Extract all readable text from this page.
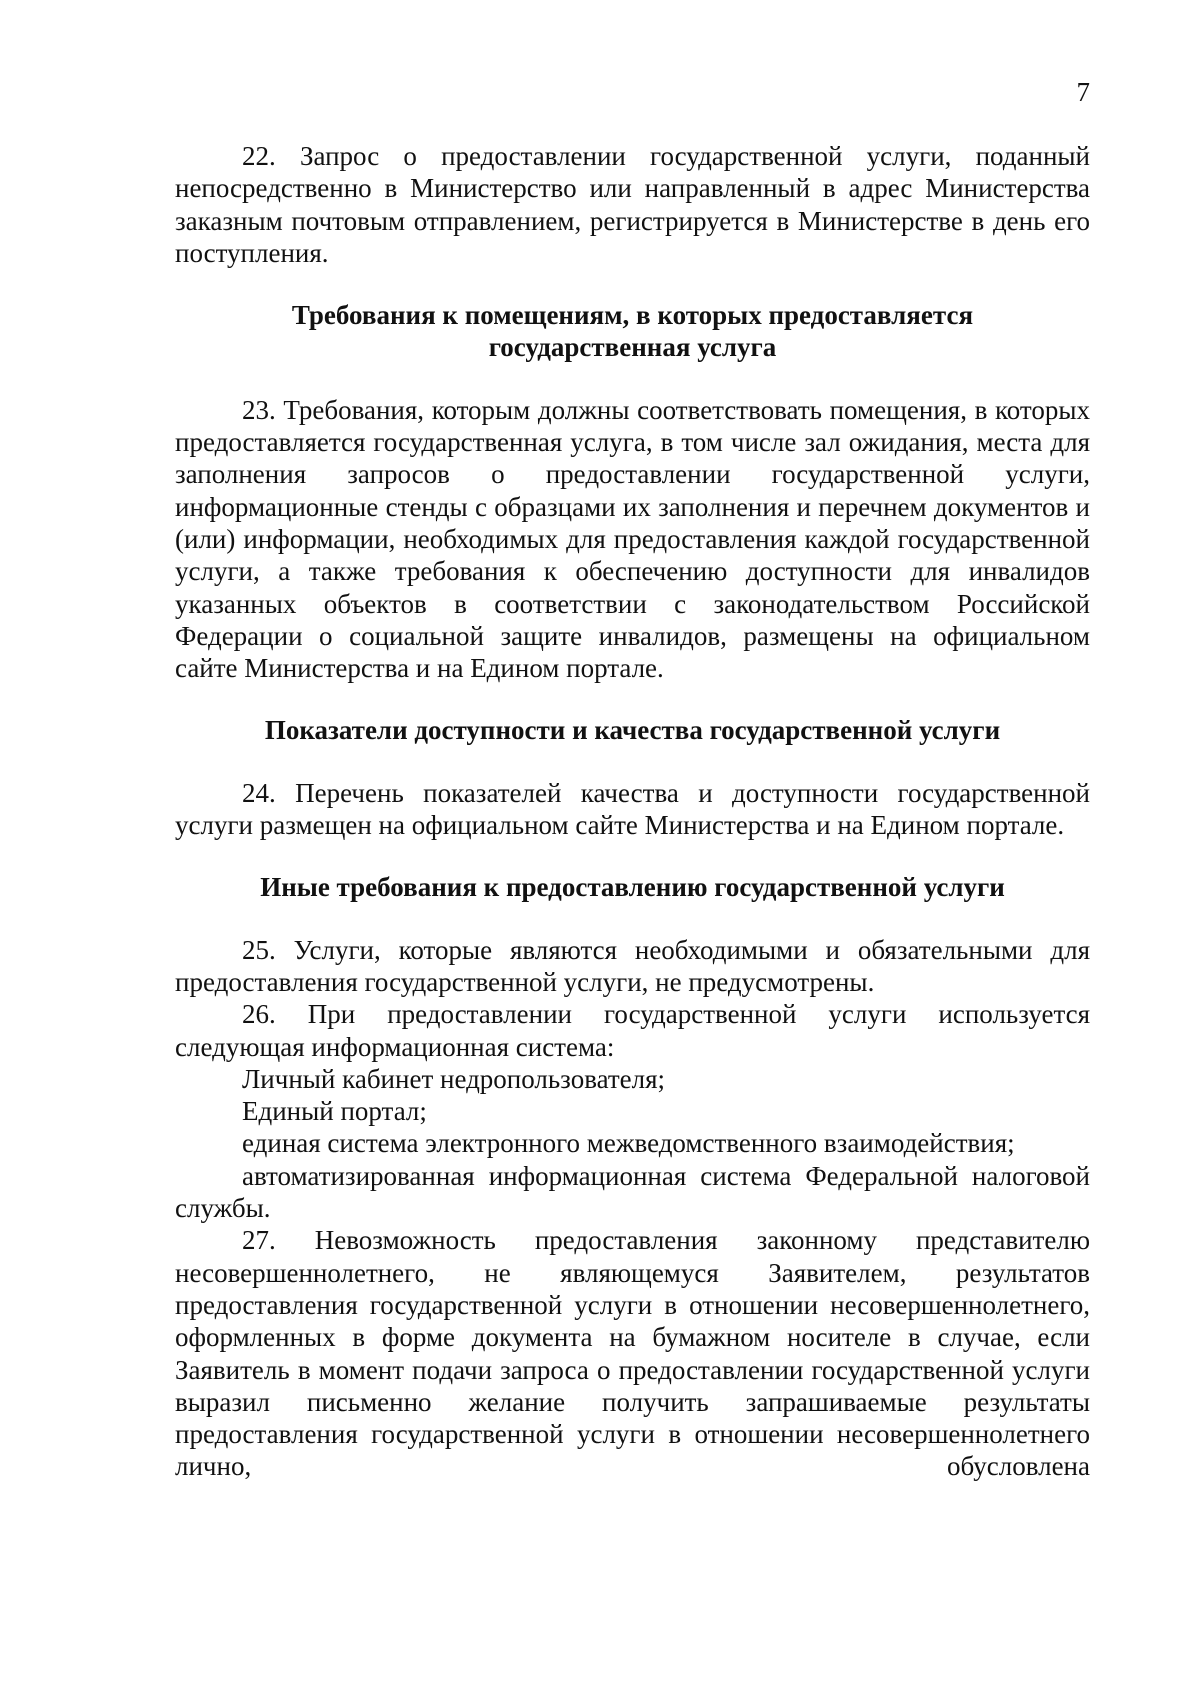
7

22. Запрос о предоставлении государственной услуги, поданный непосредственно в Министерство или направленный в адрес Министерства заказным почтовым отправлением, регистрируется в Министерстве в день его поступления.

Требования к помещениям, в которых предоставляется

государственная услуга

23. Требования, которым должны соответствовать помещения, в которых предоставляется государственная услуга, в том числе зал ожидания, места для заполнения запросов о предоставлении государственной услуги, информационные стенды с образцами их заполнения и перечнем документов и (или) информации, необходимых для предоставления каждой государственной услуги, а также требования к обеспечению доступности для инвалидов указанных объектов в соответствии с законодательством Российской Федерации о социальной защите инвалидов, размещены на официальном сайте Министерства и на Едином портале.

Показатели доступности и качества государственной услуги

24. Перечень показателей качества и доступности государственной услуги размещен на официальном сайте Министерства и на Едином портале.

Иные требования к предоставлению государственной услуги

25. Услуги, которые являются необходимыми и обязательными для предоставления государственной услуги, не предусмотрены.

26. При предоставлении государственной услуги используется следующая информационная система:

Личный кабинет недропользователя;

Единый портал;

единая система электронного межведомственного взаимодействия;

автоматизированная информационная система Федеральной налоговой службы.

27. Невозможность предоставления законному представителю несовершеннолетнего, не являющемуся Заявителем, результатов предоставления государственной услуги в отношении несовершеннолетнего, оформленных в форме документа на бумажном носителе в случае, если Заявитель в момент подачи запроса о предоставлении государственной услуги выразил письменно желание получить запрашиваемые результаты предоставления государственной услуги в отношении несовершеннолетнего лично, обусловлена
